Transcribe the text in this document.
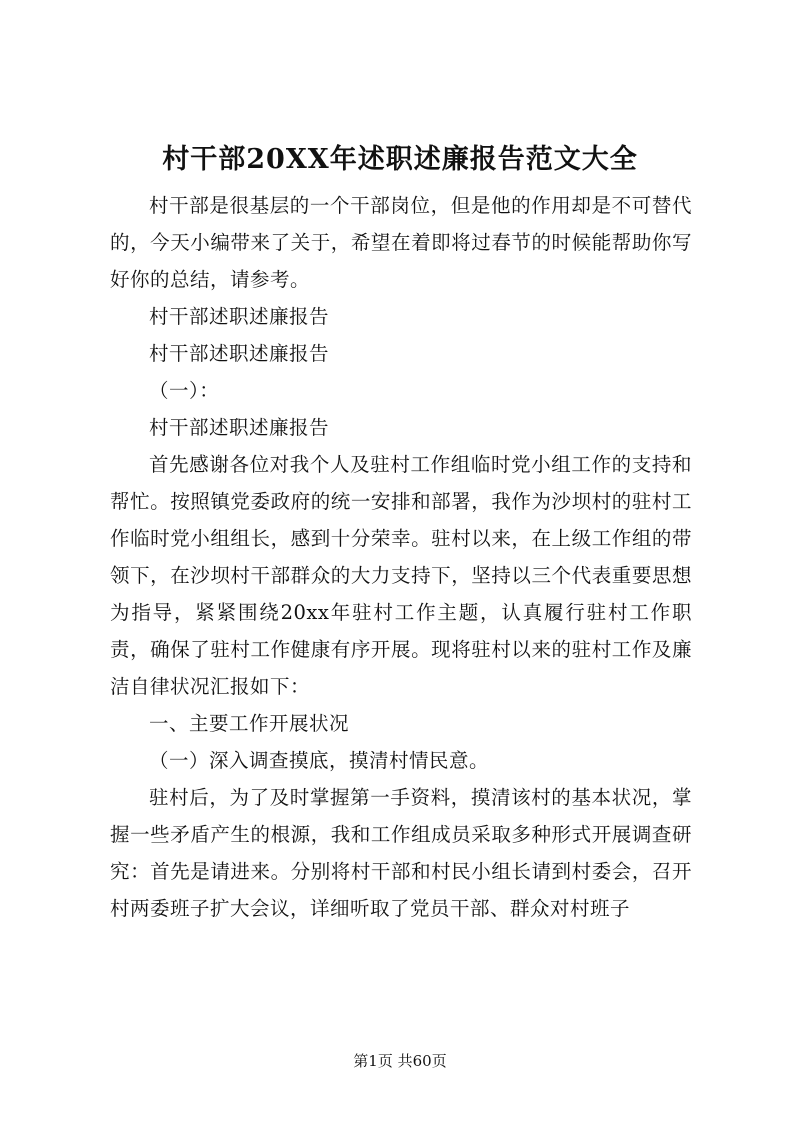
村干部20XX年述职述廉报告范文大全

村干部是很基层的一个干部岗位，但是他的作用却是不可替代的，今天小编带来了关于，希望在着即将过春节的时候能帮助你写好你的总结，请参考。

村干部述职述廉报告

村干部述职述廉报告

（一）：

村干部述职述廉报告

首先感谢各位对我个人及驻村工作组临时党小组工作的支持和帮忙。按照镇党委政府的统一安排和部署，我作为沙坝村的驻村工作临时党小组组长，感到十分荣幸。驻村以来，在上级工作组的带领下，在沙坝村干部群众的大力支持下，坚持以三个代表重要思想为指导，紧紧围绕20xx年驻村工作主题，认真履行驻村工作职责，确保了驻村工作健康有序开展。现将驻村以来的驻村工作及廉洁自律状况汇报如下：

一、主要工作开展状况

（一）深入调查摸底，摸清村情民意。

驻村后，为了及时掌握第一手资料，摸清该村的基本状况，掌握一些矛盾产生的根源，我和工作组成员采取多种形式开展调查研究：首先是请进来。分别将村干部和村民小组长请到村委会，召开村两委班子扩大会议，详细听取了党员干部、群众对村班子

第1页 共60页
